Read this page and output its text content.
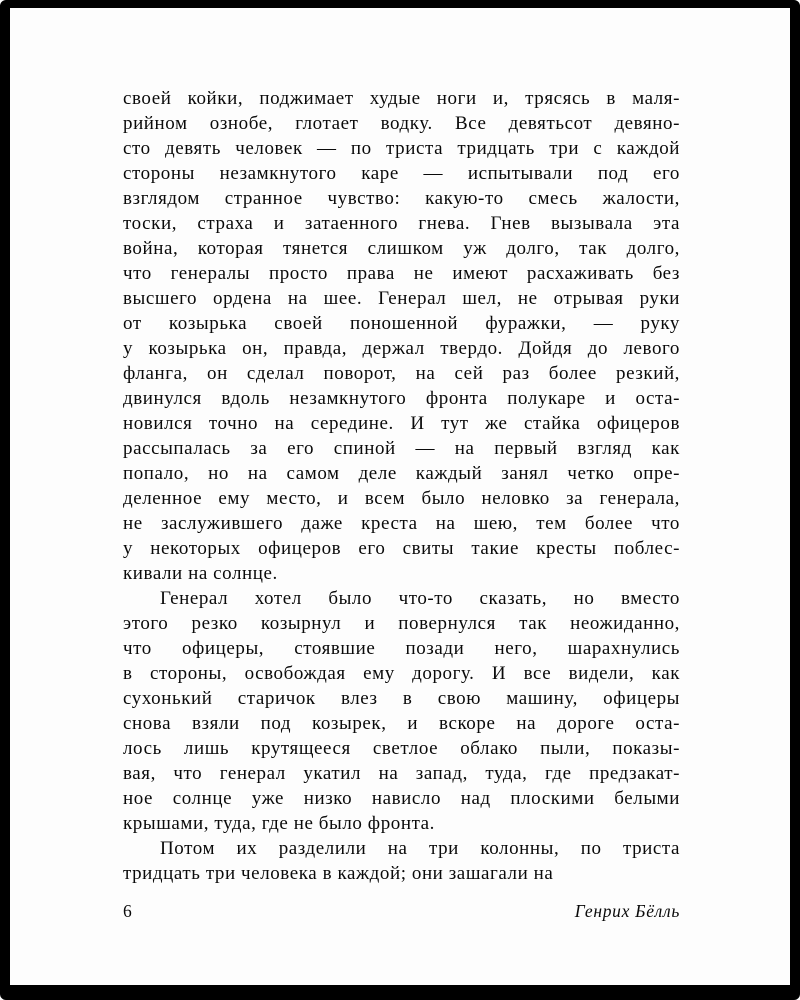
своей койки, поджимает худые ноги и, трясясь в маля-
рийном ознобе, глотает водку. Все девятьсот девяно-
сто девять человек — по триста тридцать три с каждой
стороны незамкнутого каре — испытывали под его
взглядом странное чувство: какую-то смесь жалости,
тоски, страха и затаенного гнева. Гнев вызывала эта
война, которая тянется слишком уж долго, так долго,
что генералы просто права не имеют расхаживать без
высшего ордена на шее. Генерал шел, не отрывая руки
от козырька своей поношенной фуражки, — руку
у козырька он, правда, держал твердо. Дойдя до левого
фланга, он сделал поворот, на сей раз более резкий,
двинулся вдоль незамкнутого фронта полукаре и оста-
новился точно на середине. И тут же стайка офицеров
рассыпалась за его спиной — на первый взгляд как
попало, но на самом деле каждый занял четко опре-
деленное ему место, и всем было неловко за генерала,
не заслужившего даже креста на шею, тем более что
у некоторых офицеров его свиты такие кресты поблес-
кивали на солнце.
Генерал хотел было что-то сказать, но вместо
этого резко козырнул и повернулся так неожиданно,
что офицеры, стоявшие позади него, шарахнулись
в стороны, освобождая ему дорогу. И все видели, как
сухонький старичок влез в свою машину, офицеры
снова взяли под козырек, и вскоре на дороге оста-
лось лишь крутящееся светлое облако пыли, показы-
вая, что генерал укатил на запад, туда, где предзакат-
ное солнце уже низко нависло над плоскими белыми
крышами, туда, где не было фронта.
Потом их разделили на три колонны, по триста
тридцать три человека в каждой; они зашагали на
6	Генрих Бёлль
